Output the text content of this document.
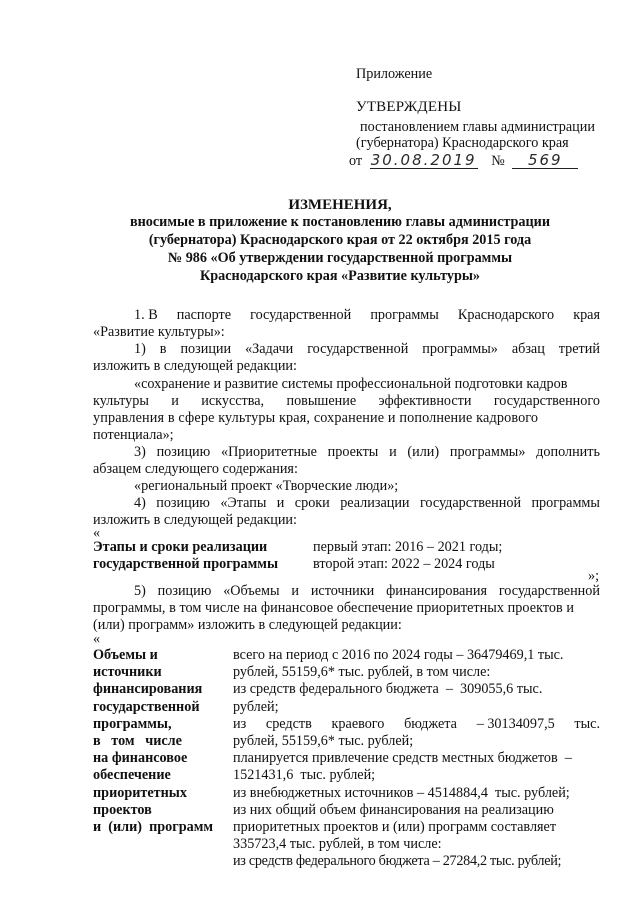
Приложение
УТВЕРЖДЕНЫ
постановлением главы администрации
(губернатора) Краснодарского края
от 30.08.2019 № 569
ИЗМЕНЕНИЯ,
вносимые в приложение к постановлению главы администрации
(губернатора) Краснодарского края от 22 октября 2015 года
№ 986 «Об утверждении государственной программы
Краснодарского края «Развитие культуры»
1. В паспорте государственной программы Краснодарского края
«Развитие культуры»:
1) в позиции «Задачи государственной программы» абзац третий
изложить в следующей редакции:
«сохранение и развитие системы профессиональной подготовки кадров
культуры и искусства, повышение эффективности государственного
управления в сфере культуры края, сохранение и пополнение кадрового
потенциала»;
3) позицию «Приоритетные проекты и (или) программы» дополнить
абзацем следующего содержания:
«региональный проект «Творческие люди»;
4) позицию «Этапы и сроки реализации государственной программы
изложить в следующей редакции:
«
Этапы и сроки реализации
государственной программы
первый этап: 2016 – 2021 годы;
второй этап: 2022 – 2024 годы
»;
5) позицию «Объемы и источники финансирования государственной
программы, в том числе на финансовое обеспечение приоритетных проектов и
(или) программ» изложить в следующей редакции:
«
Объемы и
источники
финансирования
государственной
программы,
в   том   числе
на финансовое
обеспечение
приоритетных
проектов
и  (или)  программ
всего на период с 2016 по 2024 годы – 36479469,1 тыс.
рублей, 55159,6* тыс. рублей, в том числе:
из средств федерального бюджета  –  309055,6 тыс.
рублей;
из средств краевого бюджета – 30134097,5 тыс.
рублей, 55159,6* тыс. рублей;
планируется привлечение средств местных бюджетов  –
1521431,6  тыс. рублей;
из внебюджетных источников – 4514884,4  тыс. рублей;
из них общий объем финансирования на реализацию
приоритетных проектов и (или) программ составляет
335723,4 тыс. рублей, в том числе:
из средств федерального бюджета – 27284,2 тыс. рублей;
